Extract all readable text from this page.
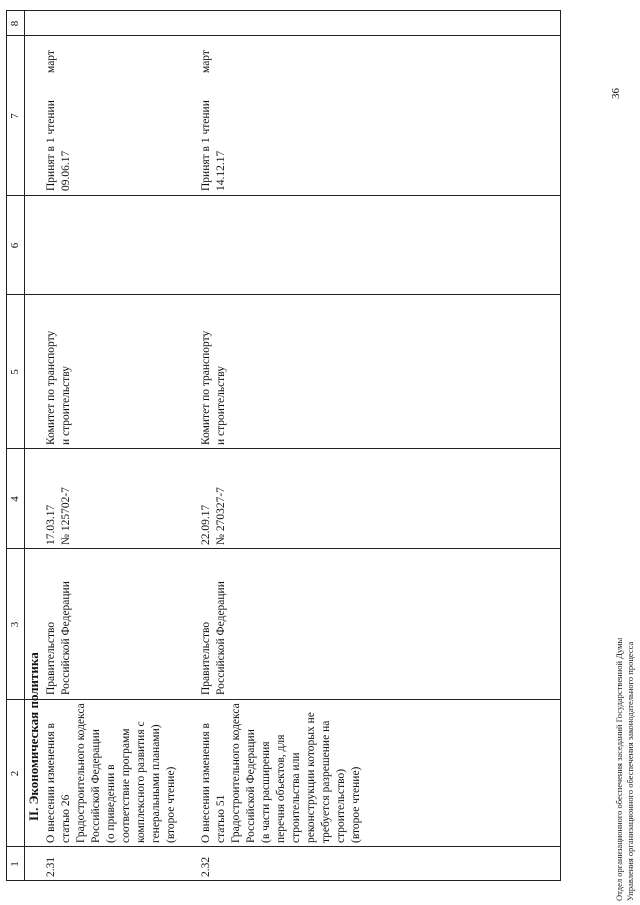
1
2
3
4
5
6
7
8
II. Экономическая политика
2.31
О внесении изменения в статью 26
Градостроительного кодекса Российской Федерации
(о приведении в соответствие программ комплексного развития с генеральными планами)
(второе чтение)
Правительство
Российской Федерации
17.03.17
№ 125702-7
Комитет по транспорту
и строительству
Принят в 1 чтении
09.06.17
март
2.32
О внесении изменения в статью 51
Градостроительного кодекса Российской Федерации
(в части расширения перечня объектов, для строительства или реконструкции которых не требуется разрешение на строительство)
(второе чтение)
Правительство
Российской Федерации
22.09.17
№ 270327-7
Комитет по транспорту
и строительству
Принят в 1 чтении
14.12.17
март
Отдел организационного обеспечения заседаний Государственной Думы Управления организационного обеспечения законодательного процесса
36
